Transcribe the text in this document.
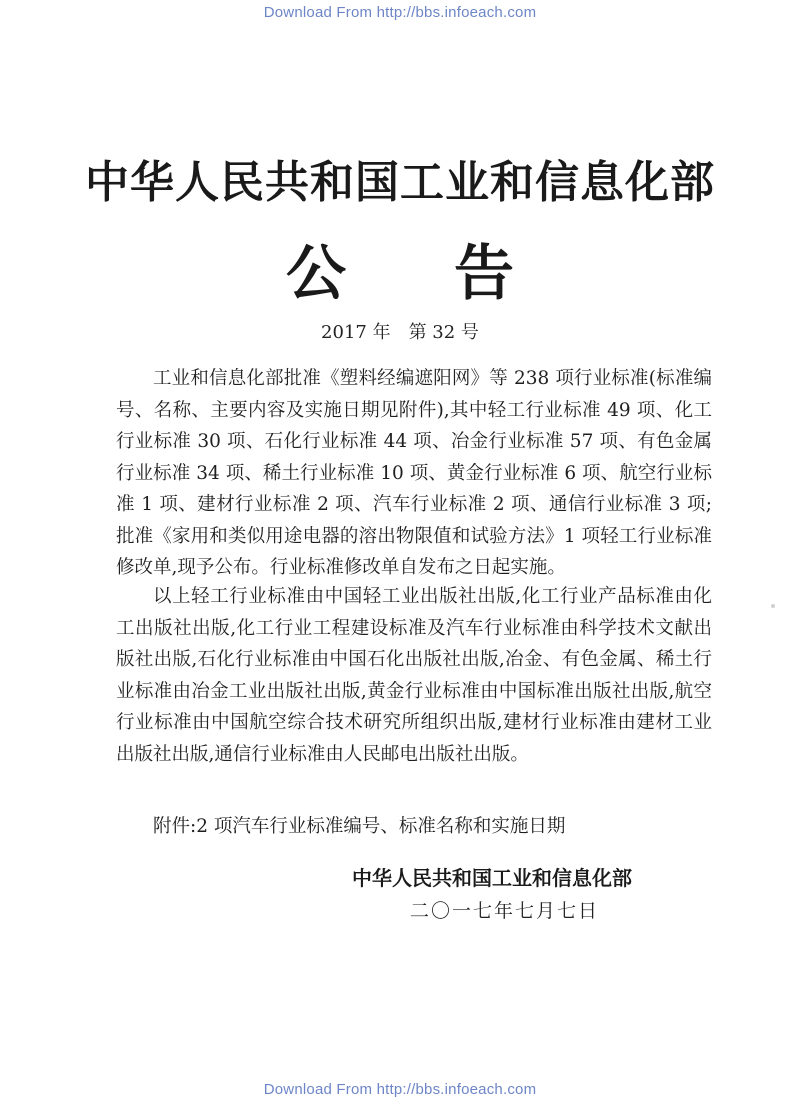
Download From http://bbs.infoeach.com
中华人民共和国工业和信息化部
公 告
2017 年　第 32 号

工业和信息化部批准《塑料经编遮阳网》等 238 项行业标准(标准编号、名称、主要内容及实施日期见附件),其中轻工行业标准 49 项、化工行业标准 30 项、石化行业标准 44 项、冶金行业标准 57 项、有色金属行业标准 34 项、稀土行业标准 10 项、黄金行业标准 6 项、航空行业标准 1 项、建材行业标准 2 项、汽车行业标准 2 项、通信行业标准 3 项;批准《家用和类似用途电器的溶出物限值和试验方法》1 项轻工行业标准修改单,现予公布。行业标准修改单自发布之日起实施。

以上轻工行业标准由中国轻工业出版社出版,化工行业产品标准由化工出版社出版,化工行业工程建设标准及汽车行业标准由科学技术文献出版社出版,石化行业标准由中国石化出版社出版,冶金、有色金属、稀土行业标准由冶金工业出版社出版,黄金行业标准由中国标准出版社出版,航空行业标准由中国航空综合技术研究所组织出版,建材行业标准由建材工业出版社出版,通信行业标准由人民邮电出版社出版。

附件:2 项汽车行业标准编号、标准名称和实施日期
中华人民共和国工业和信息化部
二〇一七年七月七日
Download From http://bbs.infoeach.com
